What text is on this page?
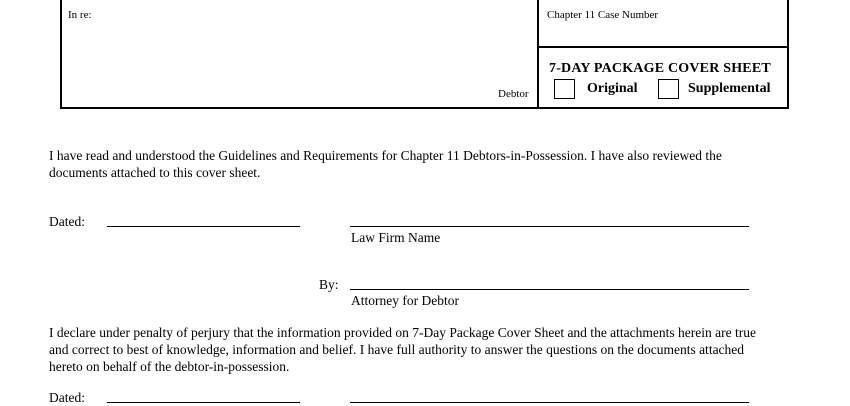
In re:
Debtor
Chapter 11 Case Number
7-DAY PACKAGE COVER SHEET
Original	Supplemental
I have read and understood the Guidelines and Requirements for Chapter 11 Debtors-in-Possession. I have also reviewed the
documents attached to this cover sheet.
Dated:
Law Firm Name
By:
Attorney for Debtor
I declare under penalty of perjury that the information provided on 7-Day Package Cover Sheet and the attachments herein are true
and correct to best of knowledge, information and belief. I have full authority to answer the questions on the documents attached
hereto on behalf of the debtor-in-possession.
Dated:
